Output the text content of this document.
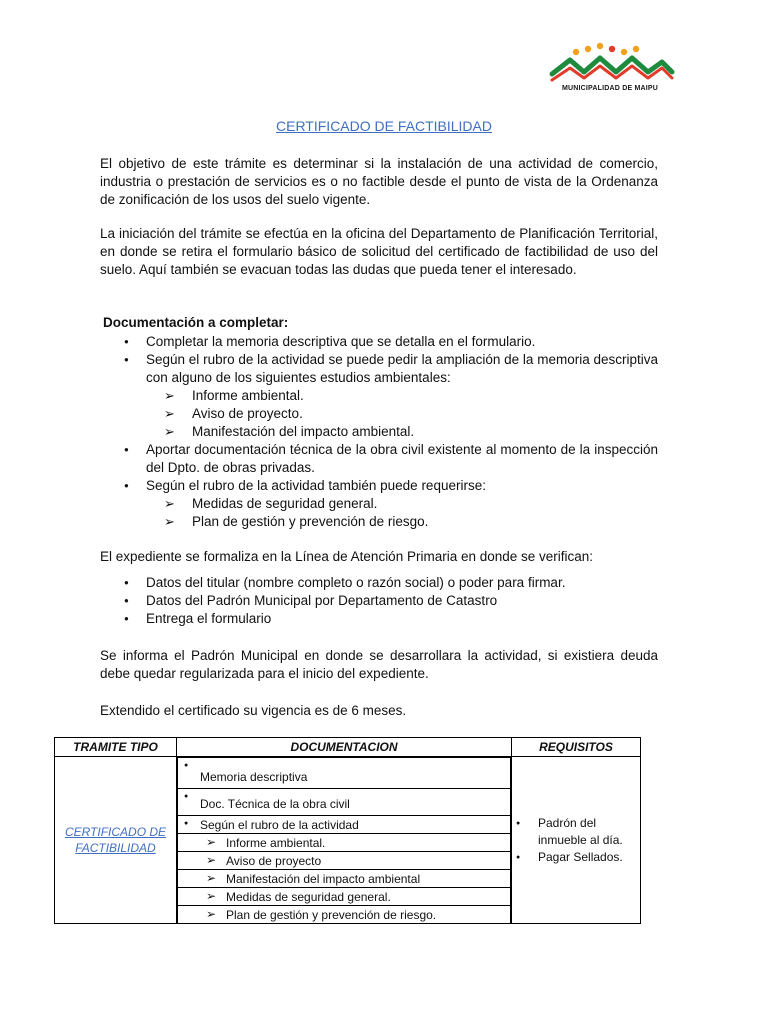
MUNICIPALIDAD DE MAIPU
CERTIFICADO DE FACTIBILIDAD

El objetivo de este trámite es determinar si la instalación de una actividad de comercio, industria o prestación de servicios es o no factible desde el punto de vista de la Ordenanza de zonificación de los usos del suelo vigente.

La iniciación del trámite se efectúa en la oficina del Departamento de Planificación Territorial, en donde se retira el formulario básico de solicitud del certificado de factibilidad de uso del suelo. Aquí también se evacuan todas las dudas que pueda tener el interesado.

Documentación a completar:
● Completar la memoria descriptiva que se detalla en el formulario.
● Según el rubro de la actividad se puede pedir la ampliación de la memoria descriptiva con alguno de los siguientes estudios ambientales:
➢ Informe ambiental.
➢ Aviso de proyecto.
➢ Manifestación del impacto ambiental.
● Aportar documentación técnica de la obra civil existente al momento de la inspección del Dpto. de obras privadas.
● Según el rubro de la actividad también puede requerirse:
➢ Medidas de seguridad general.
➢ Plan de gestión y prevención de riesgo.

El expediente se formaliza en la Línea de Atención Primaria en donde se verifican:

● Datos del titular (nombre completo o razón social) o poder para firmar.
● Datos del Padrón Municipal por Departamento de Catastro
● Entrega el formulario

Se informa el Padrón Municipal en donde se desarrollara la actividad, si existiera deuda debe quedar regularizada para el inicio del expediente.

Extendido el certificado su vigencia es de 6 meses.

TRAMITE TIPO	DOCUMENTACION	REQUISITOS

CERTIFICADO DE FACTIBILIDAD

● Memoria descriptiva
● Doc. Técnica de la obra civil
● Según el rubro de la actividad
➢ Informe ambiental.
➢ Aviso de proyecto
➢ Manifestación del impacto ambiental
➢ Medidas de seguridad general.
➢ Plan de gestión y prevención de riesgo.

● Padrón del inmueble al día.
● Pagar Sellados.
